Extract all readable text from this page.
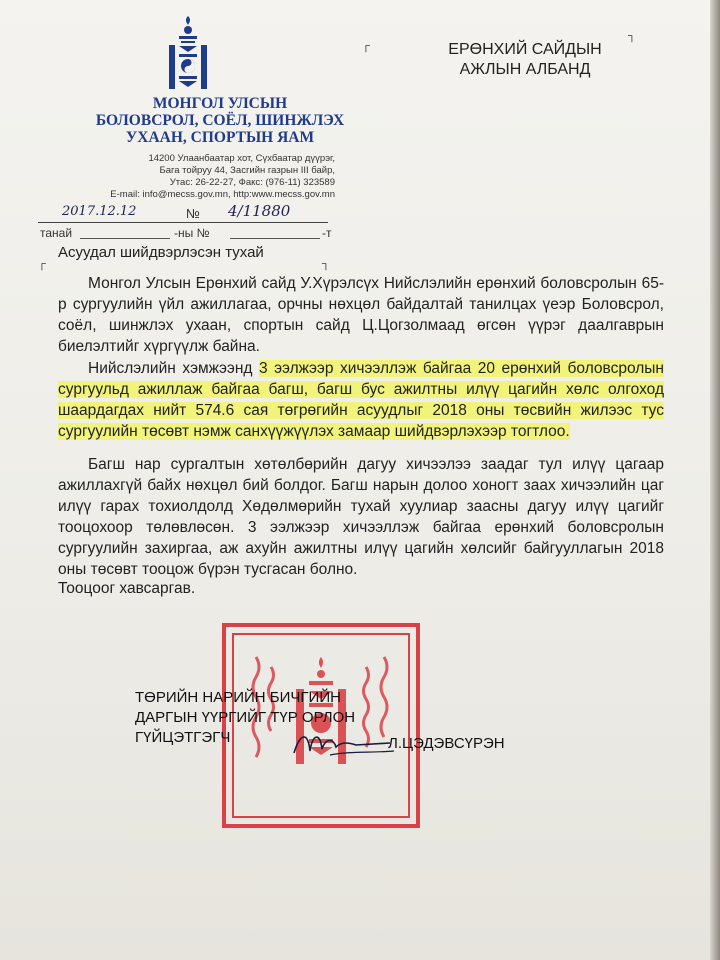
МОНГОЛ УЛСЫН
БОЛОВСРОЛ, СОЁЛ, ШИНЖЛЭХ
УХААН, СПОРТЫН ЯАМ
14200 Улаанбаатар хот, Сүхбаатар дүүрэг,
Бага тойруу 44, Засгийн газрын III байр,
Утас: 26-22-27, Факс: (976-11) 323589
E-mail: info@mecss.gov.mn, http:www.mecss.gov.mn
┌
┐
ЕРӨНХИЙ САЙДЫН
АЖЛЫН АЛБАНД
2017.12.12	№ 4/11880
танай	-ны №	-т
┌	┐
Асуудал шийдвэрлэсэн тухай

Монгол Улсын Ерөнхий сайд У.Хүрэлсүх Нийслэлийн ерөнхий боловсролын 65-р сургуулийн үйл ажиллагаа, орчны нөхцөл байдалтай танилцах үеэр Боловсрол, соёл, шинжлэх ухаан, спортын сайд Ц.Цогзолмаад өгсөн үүрэг даалгаврын биелэлтийг хүргүүлж байна.

Нийслэлийн хэмжээнд 3 ээлжээр хичээллэж байгаа 20 ерөнхий боловсролын сургуульд ажиллаж байгаа багш, багш бус ажилтны илүү цагийн хөлс олгоход шаардагдах нийт 574.6 сая төгрөгийн асуудлыг 2018 оны төсвийн жилээс тус сургуулийн төсөвт нэмж санхүүжүүлэх замаар шийдвэрлэхээр тогтлоо.

Багш нар сургалтын хөтөлбөрийн дагуу хичээлээ заадаг тул илүү цагаар ажиллахгүй байх нөхцөл бий болдог. Багш нарын долоо хоногт заах хичээлийн цаг илүү гарах тохиолдолд Хөдөлмөрийн тухай хуулиар заасны дагуу илүү цагийг тооцохоор төлөвлөсөн. 3 ээлжээр хичээллэж байгаа ерөнхий боловсролын сургуулийн захиргаа, аж ахуйн ажилтны илүү цагийн хөлсийг байгууллагын 2018 оны төсөвт тооцож бүрэн тусгасан болно.

Тооцоог хавсаргав.
ТӨРИЙН НАРИЙН БИЧГИЙН
ДАРГЫН ҮҮРГИЙГ ТҮР ОРЛОН
ГҮЙЦЭТГЭГЧ	Л.ЦЭДЭВСҮРЭН
